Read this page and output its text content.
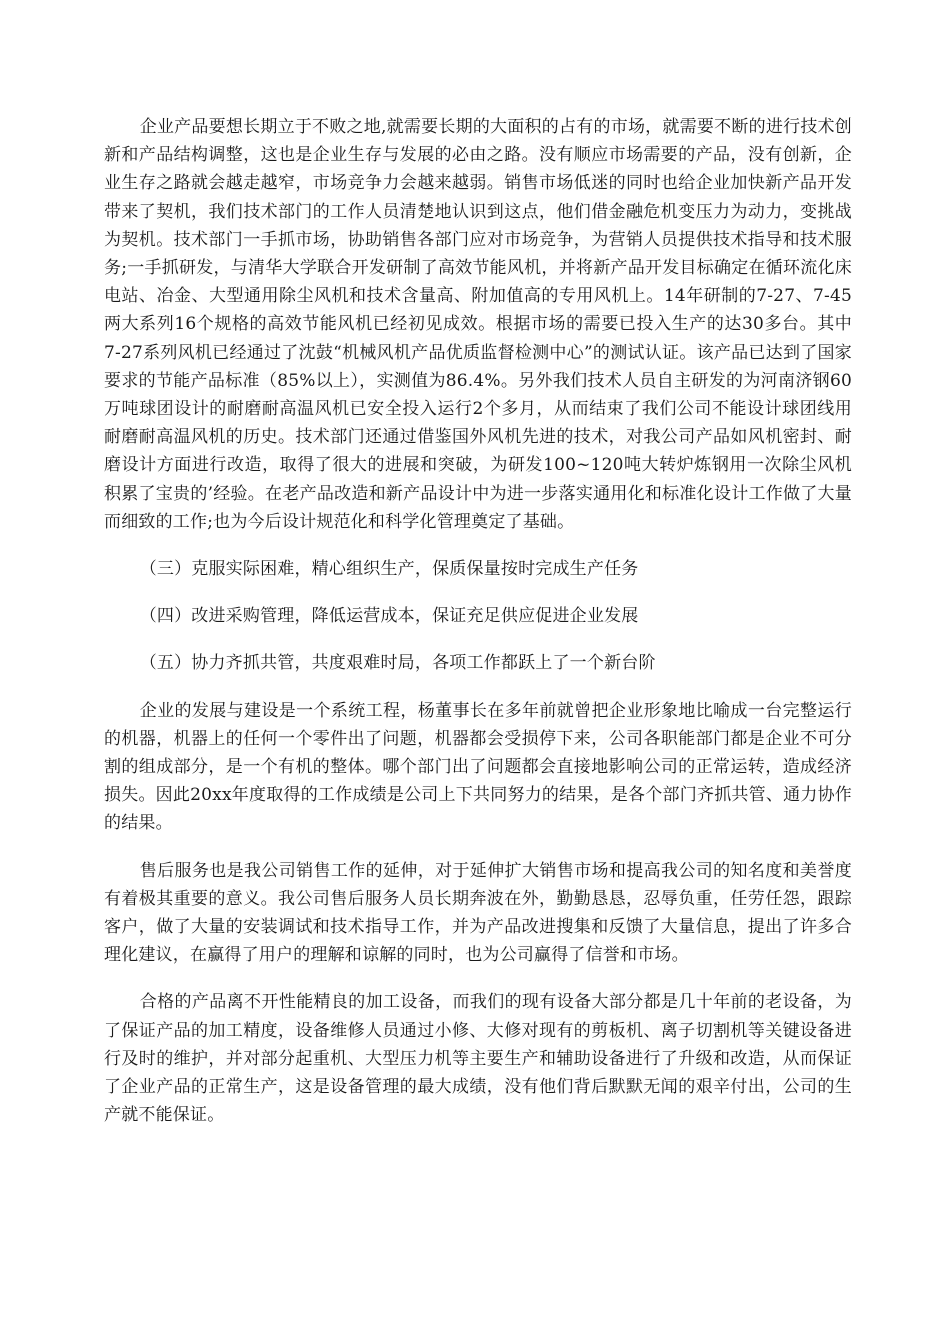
企业产品要想长期立于不败之地,就需要长期的大面积的占有的市场，就需要不断的进行技术创新和产品结构调整，这也是企业生存与发展的必由之路。没有顺应市场需要的产品，没有创新，企业生存之路就会越走越窄，市场竞争力会越来越弱。销售市场低迷的同时也给企业加快新产品开发带来了契机，我们技术部门的工作人员清楚地认识到这点，他们借金融危机变压力为动力，变挑战为契机。技术部门一手抓市场，协助销售各部门应对市场竞争，为营销人员提供技术指导和技术服务;一手抓研发，与清华大学联合开发研制了高效节能风机，并将新产品开发目标确定在循环流化床电站、冶金、大型通用除尘风机和技术含量高、附加值高的专用风机上。14年研制的7-27、7-45两大系列16个规格的高效节能风机已经初见成效。根据市场的需要已投入生产的达30多台。其中7-27系列风机已经通过了沈鼓“机械风机产品优质监督检测中心”的测试认证。该产品已达到了国家要求的节能产品标准（85%以上），实测值为86.4%。另外我们技术人员自主研发的为河南济钢60万吨球团设计的耐磨耐高温风机已安全投入运行2个多月，从而结束了我们公司不能设计球团线用耐磨耐高温风机的历史。技术部门还通过借鉴国外风机先进的技术，对我公司产品如风机密封、耐磨设计方面进行改造，取得了很大的进展和突破，为研发100~120吨大转炉炼钢用一次除尘风机积累了宝贵的’经验。在老产品改造和新产品设计中为进一步落实通用化和标准化设计工作做了大量而细致的工作;也为今后设计规范化和科学化管理奠定了基础。

（三）克服实际困难，精心组织生产，保质保量按时完成生产任务

（四）改进采购管理，降低运营成本，保证充足供应促进企业发展

（五）协力齐抓共管，共度艰难时局，各项工作都跃上了一个新台阶

企业的发展与建设是一个系统工程，杨董事长在多年前就曾把企业形象地比喻成一台完整运行的机器，机器上的任何一个零件出了问题，机器都会受损停下来，公司各职能部门都是企业不可分割的组成部分，是一个有机的整体。哪个部门出了问题都会直接地影响公司的正常运转，造成经济损失。因此20xx年度取得的工作成绩是公司上下共同努力的结果，是各个部门齐抓共管、通力协作的结果。

售后服务也是我公司销售工作的延伸，对于延伸扩大销售市场和提高我公司的知名度和美誉度有着极其重要的意义。我公司售后服务人员长期奔波在外，勤勤恳恳，忍辱负重，任劳任怨，跟踪客户，做了大量的安装调试和技术指导工作，并为产品改进搜集和反馈了大量信息，提出了许多合理化建议，在赢得了用户的理解和谅解的同时，也为公司赢得了信誉和市场。

合格的产品离不开性能精良的加工设备，而我们的现有设备大部分都是几十年前的老设备，为了保证产品的加工精度，设备维修人员通过小修、大修对现有的剪板机、离子切割机等关键设备进行及时的维护，并对部分起重机、大型压力机等主要生产和辅助设备进行了升级和改造，从而保证了企业产品的正常生产，这是设备管理的最大成绩，没有他们背后默默无闻的艰辛付出，公司的生产就不能保证。
